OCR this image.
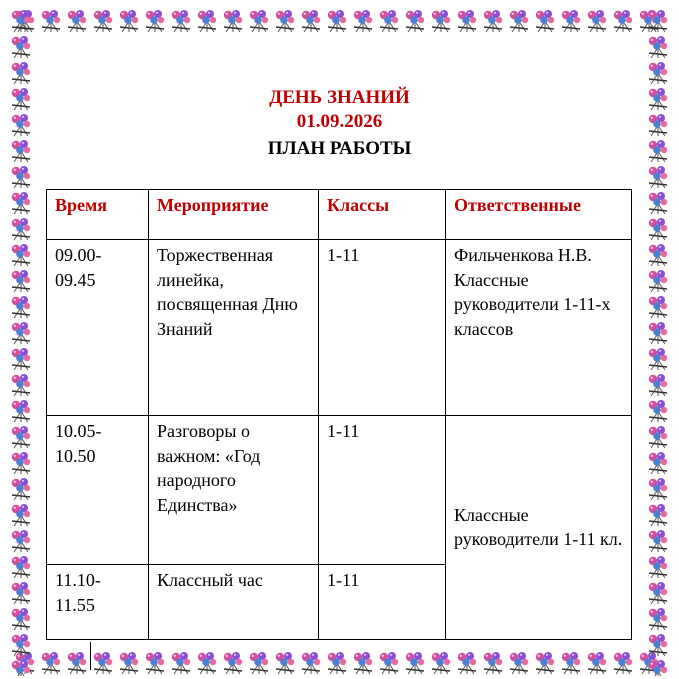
ДЕНЬ ЗНАНИЙ
01.09.2026
ПЛАН РАБОТЫ
Время	Мероприятие	Классы	Ответственные

09.00-
09.45	Торжественная линейка, посвященная Дню Знаний	1-11	Фильченкова Н.В. Классные руководители 1-11-х классов

10.05-
10.50	Разговоры о важном: «Год народного Единства»	1-11	Классные руководители 1-11 кл.

11.10-
11.55	Классный час	1-11	
